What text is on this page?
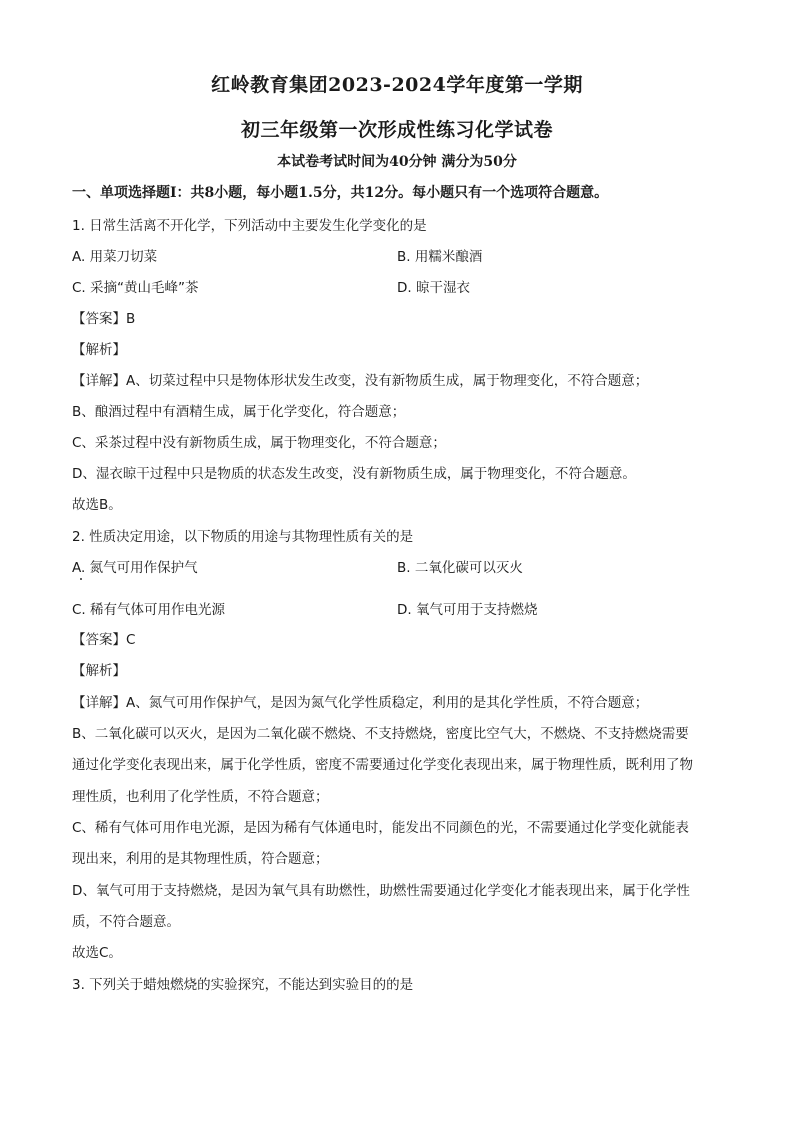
红岭教育集团2023-2024学年度第一学期
初三年级第一次形成性练习化学试卷
本试卷考试时间为40分钟 满分为50分
一、单项选择题Ⅰ：共8小题，每小题1.5分，共12分。每小题只有一个选项符合题意。
1. 日常生活离不开化学，下列活动中主要发生化学变化的是
A. 用菜刀切菜	B. 用糯米酿酒
C. 采摘“黄山毛峰”茶	D. 晾干湿衣
【答案】B
【解析】
【详解】A、切菜过程中只是物体形状发生改变，没有新物质生成，属于物理变化，不符合题意；
B、酿酒过程中有酒精生成，属于化学变化，符合题意；
C、采茶过程中没有新物质生成，属于物理变化，不符合题意；
D、湿衣晾干过程中只是物质的状态发生改变，没有新物质生成，属于物理变化，不符合题意。
故选B。
2. 性质决定用途，以下物质的用途与其物理性质有关的是
A. 氮气可用作保护气	B. 二氧化碳可以灭火
C. 稀有气体可用作电光源	D. 氧气可用于支持燃烧
【答案】C
【解析】
【详解】A、氮气可用作保护气，是因为氮气化学性质稳定，利用的是其化学性质，不符合题意；
B、二氧化碳可以灭火，是因为二氧化碳不燃烧、不支持燃烧，密度比空气大，不燃烧、不支持燃烧需要
通过化学变化表现出来，属于化学性质，密度不需要通过化学变化表现出来，属于物理性质，既利用了物
理性质，也利用了化学性质，不符合题意；
C、稀有气体可用作电光源，是因为稀有气体通电时，能发出不同颜色的光，不需要通过化学变化就能表
现出来，利用的是其物理性质，符合题意；
D、氧气可用于支持燃烧，是因为氧气具有助燃性，助燃性需要通过化学变化才能表现出来，属于化学性
质，不符合题意。
故选C。
3. 下列关于蜡烛燃烧的实验探究，不能达到实验目的的是
